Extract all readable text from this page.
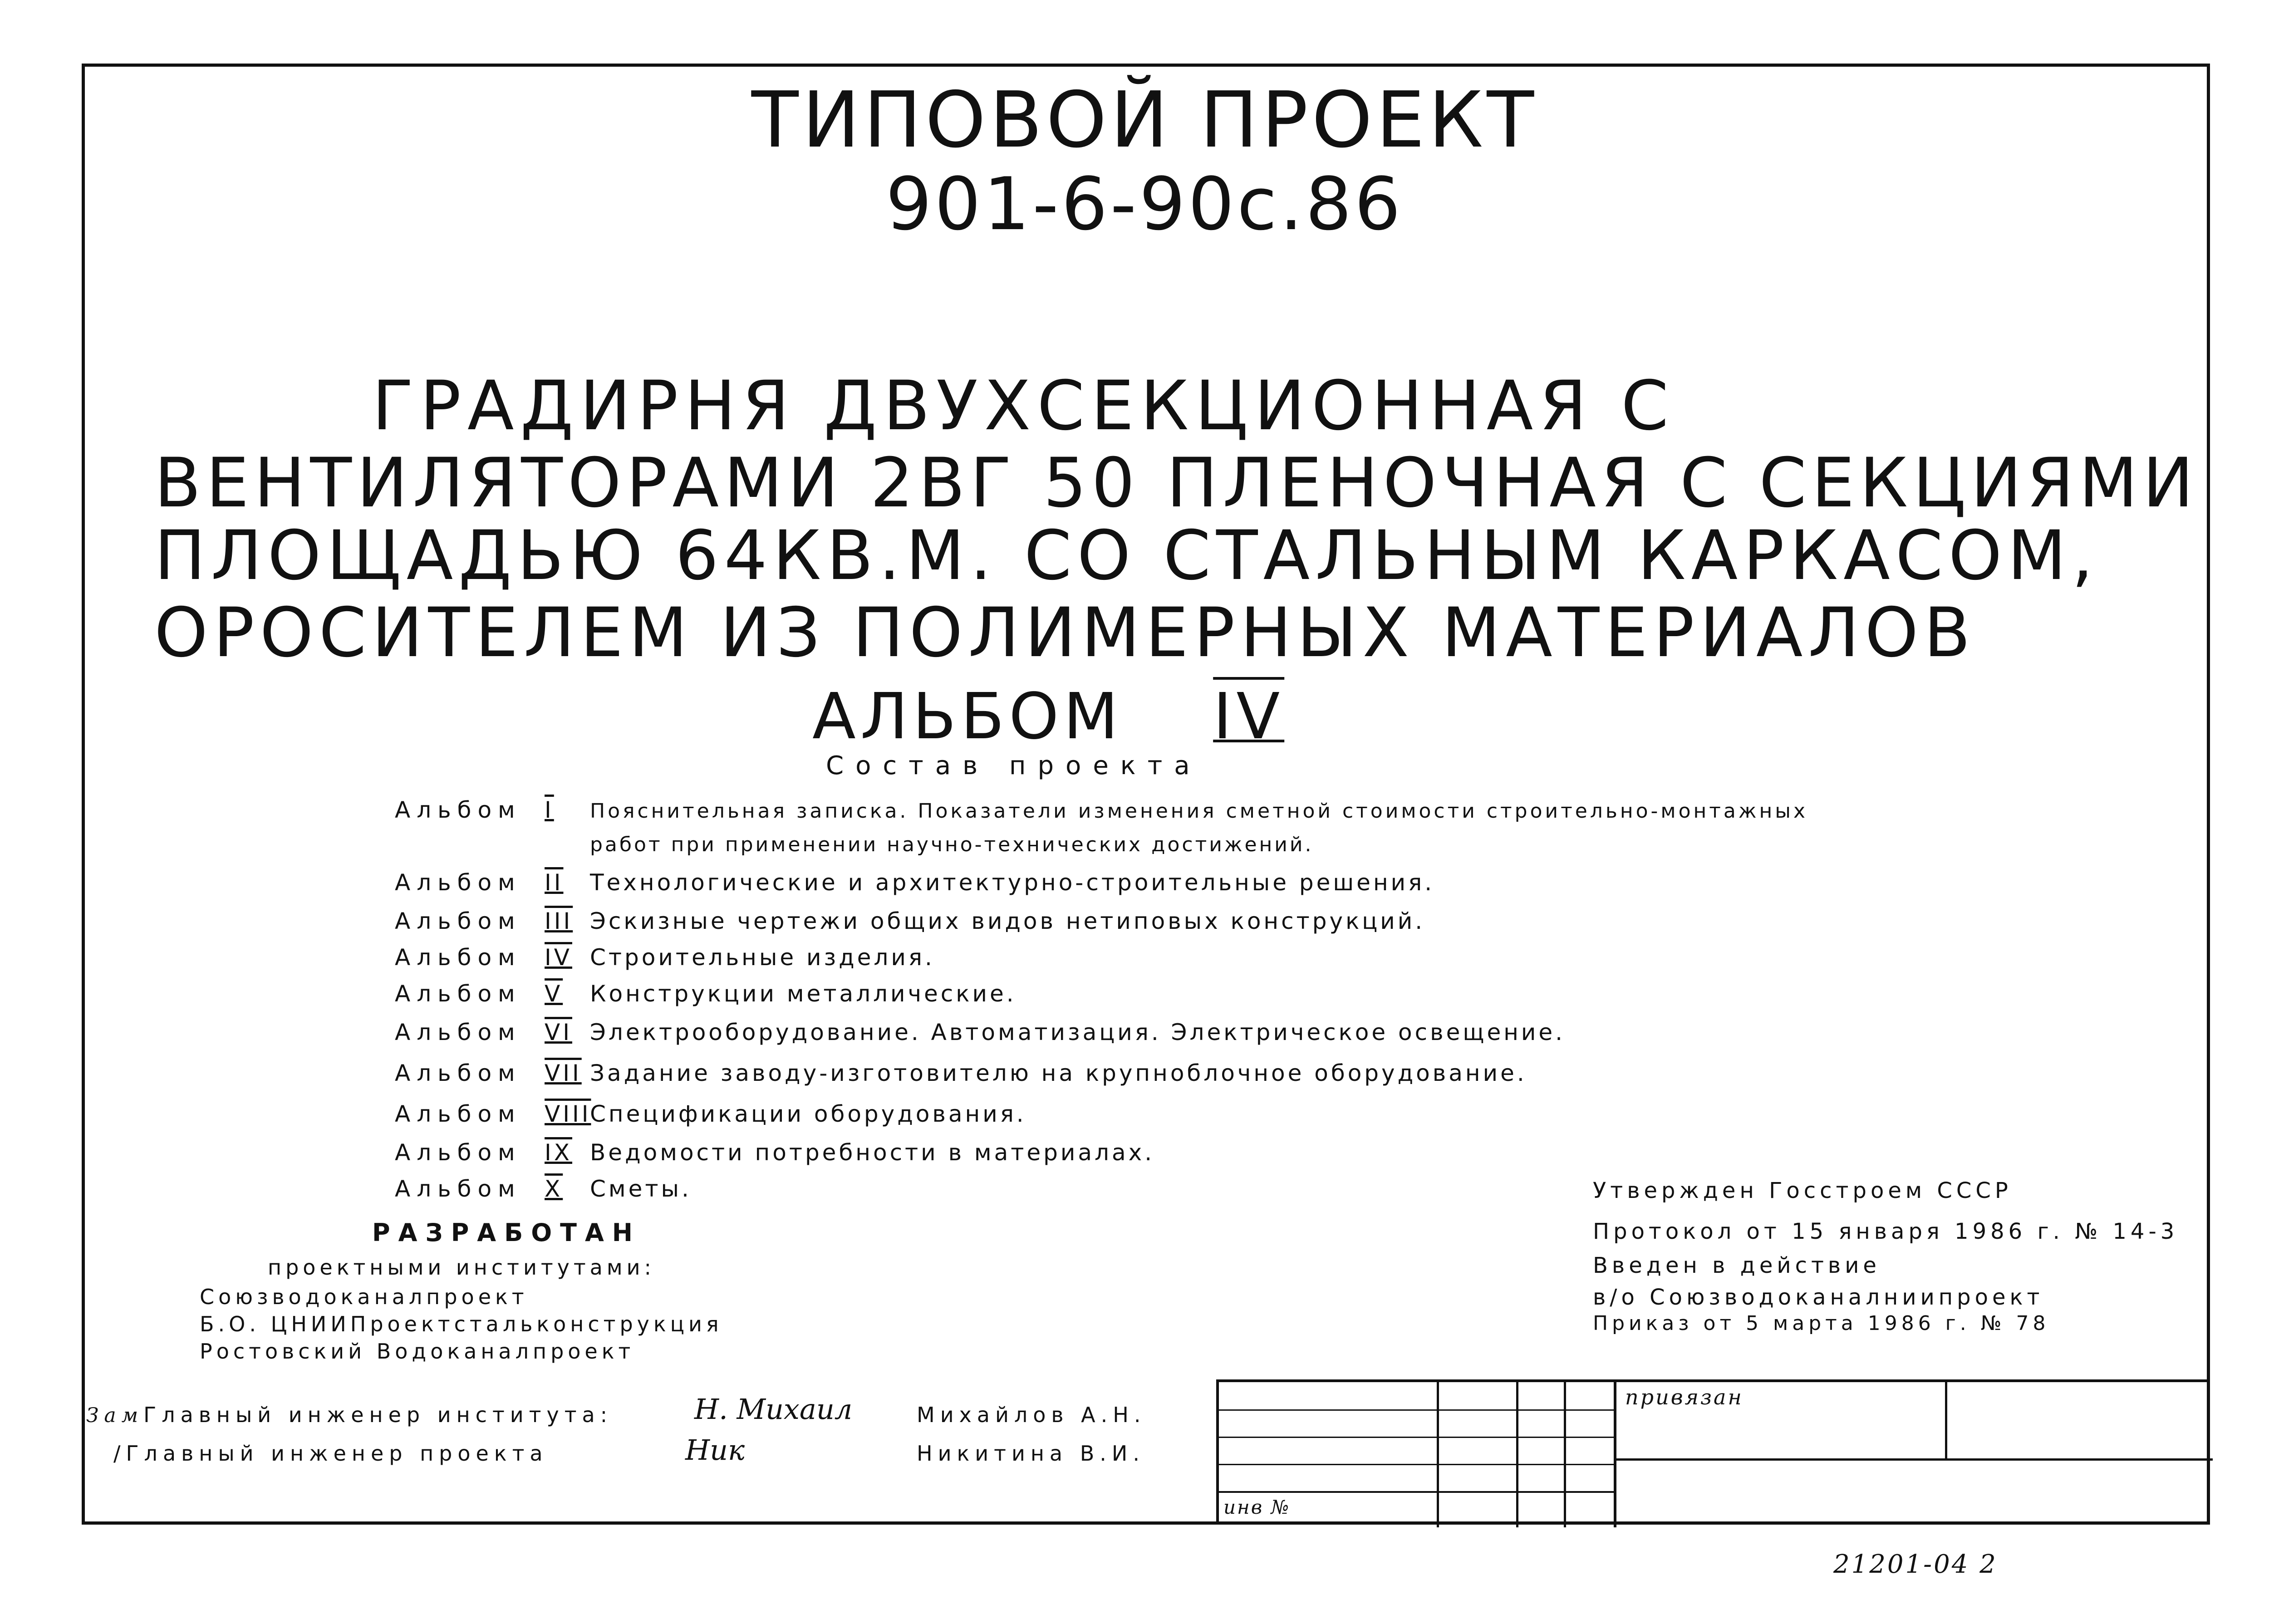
ТИПОВОЙ ПРОЕКТ
901-6-90с.86
ГРАДИРНЯ ДВУХСЕКЦИОННАЯ С
ВЕНТИЛЯТОРАМИ 2ВГ 50 ПЛЕНОЧНАЯ С СЕКЦИЯМИ
ПЛОЩАДЬЮ 64КВ.М. СО СТАЛЬНЫМ КАРКАСОМ,
ОРОСИТЕЛЕМ ИЗ ПОЛИМЕРНЫХ МАТЕРИАЛОВ
АЛЬБОМ IV
Состав проекта
Альбом I Пояснительная записка. Показатели изменения сметной стоимости строительно-монтажных
работ при применении научно-технических достижений.
Альбом II Технологические и архитектурно-строительные решения.
Альбом III Эскизные чертежи общих видов нетиповых конструкций.
Альбом IV Строительные изделия.
Альбом V Конструкции металлические.
Альбом VI Электрооборудование. Автоматизация. Электрическое освещение.
Альбом VII Задание заводу-изготовителю на крупноблочное оборудование.
Альбом VIIIСпецификации оборудования.
Альбом IX Ведомости потребности в материалах.
Альбом X Сметы.
РАЗРАБОТАН
проектными институтами:
Союзводоканалпроект
Б.О. ЦНИИПроектстальконструкция
Ростовский Водоканалпроект
Утвержден Госстроем СССР
Протокол от 15 января 1986 г. № 14-3
Введен в действие
в/о Союзводоканалниипроект
Приказ от 5 марта 1986 г. № 78
ЗамГлавный инженер института:	Н. Михаил	Михайлов А.Н.
/Главный инженер проекта	Ник	Никитина В.И.
привязан
инв №
21201-04 2
